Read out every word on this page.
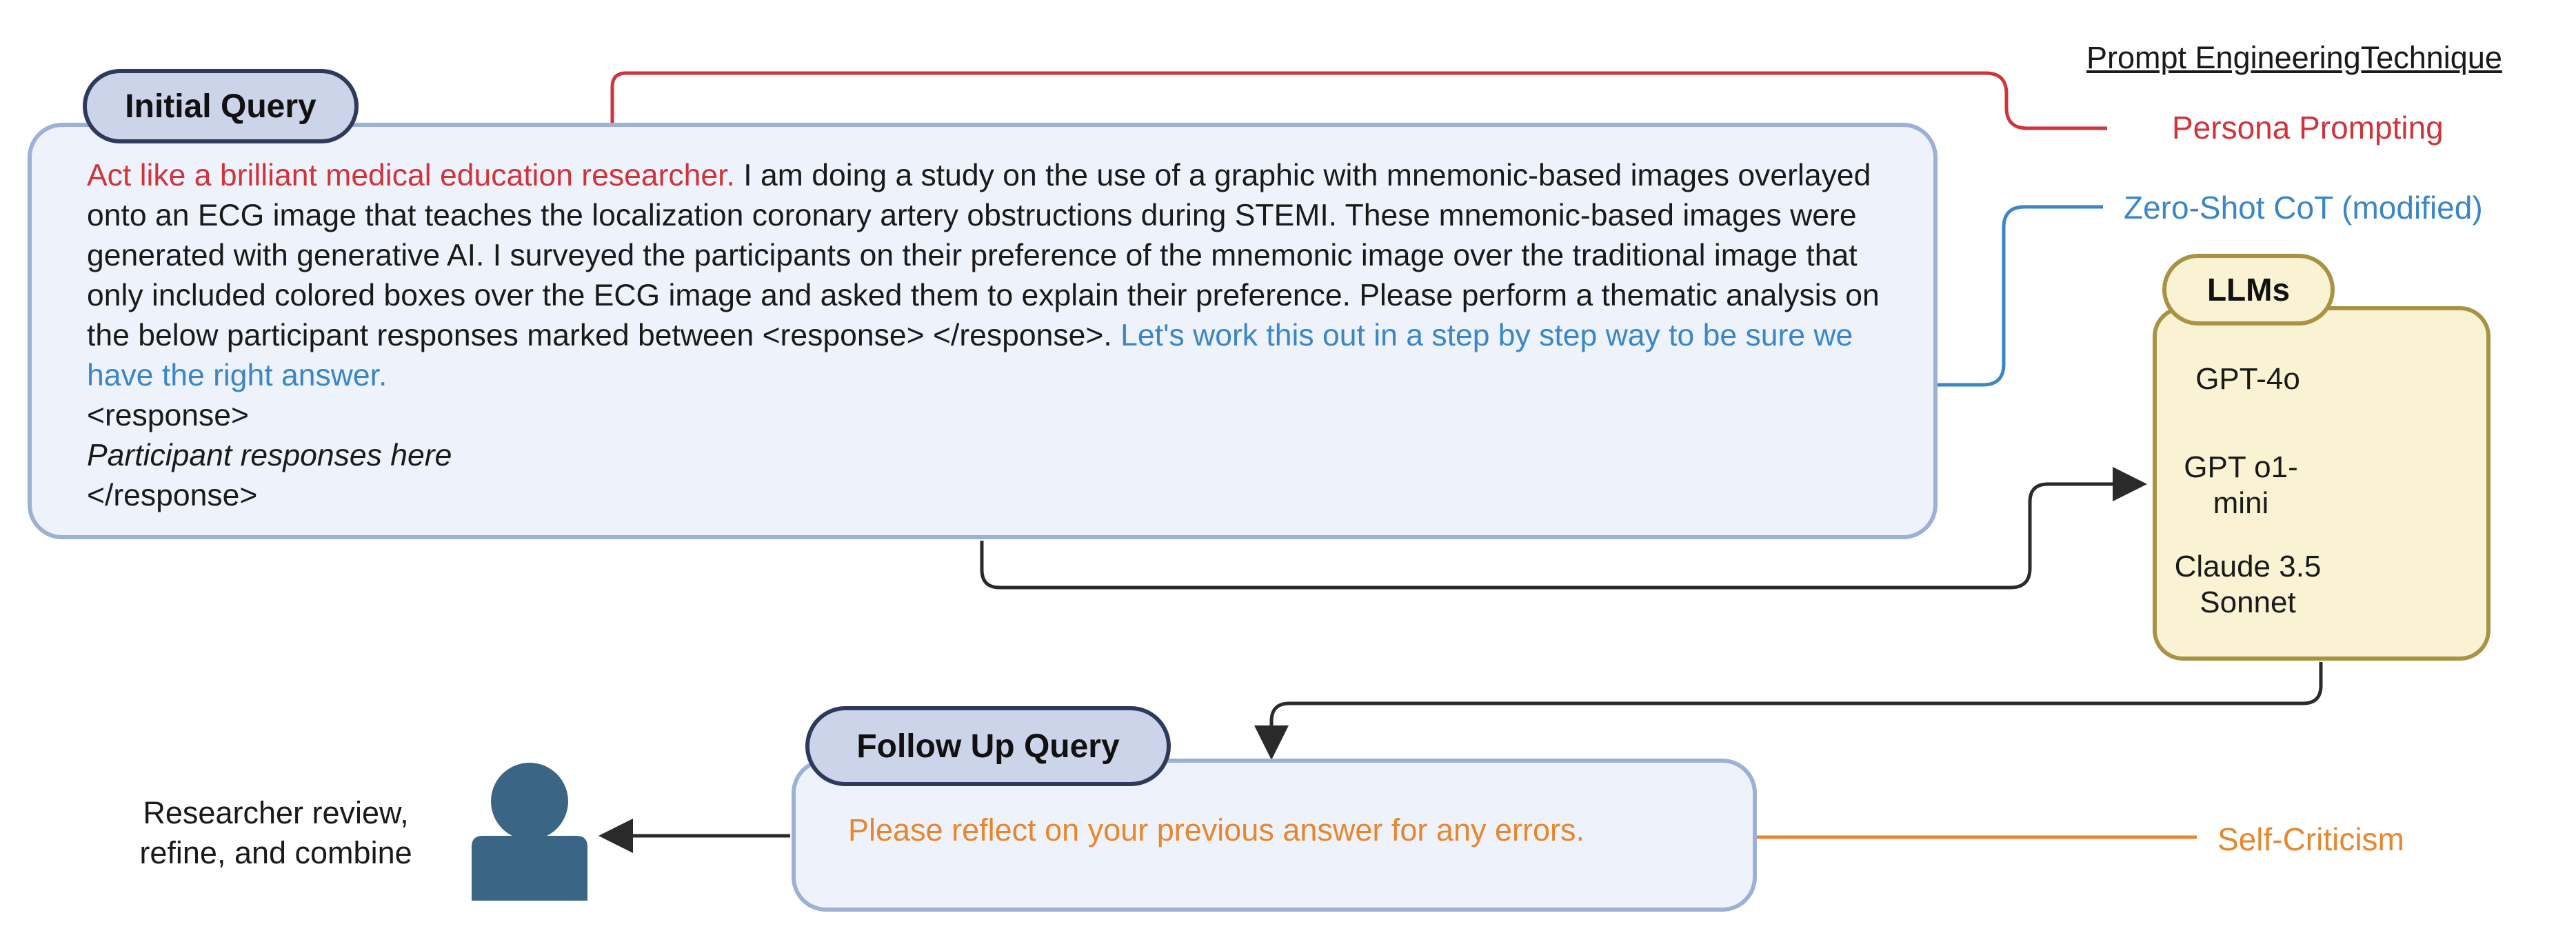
Initial Query
Act like a brilliant medical education researcher. I am doing a study on the use of a graphic with mnemonic-based images overlayed onto an ECG image that teaches the localization coronary artery obstructions during STEMI. These mnemonic-based images were generated with generative AI. I surveyed the participants on their preference of the mnemonic image over the traditional image that only included colored boxes over the ECG image and asked them to explain their preference. Please perform a thematic analysis on the below participant responses marked between <response> </response>. Let's work this out in a step by step way to be sure we have the right answer.
<response>
Participant responses here
</response>
LLMs
GPT-4o
GPT o1-mini
Claude 3.5 Sonnet
Follow Up Query
Please reflect on your previous answer for any errors.
Prompt EngineeringTechnique
Persona Prompting
Zero-Shot CoT (modified)
Self-Criticism
Researcher review, refine, and combine
